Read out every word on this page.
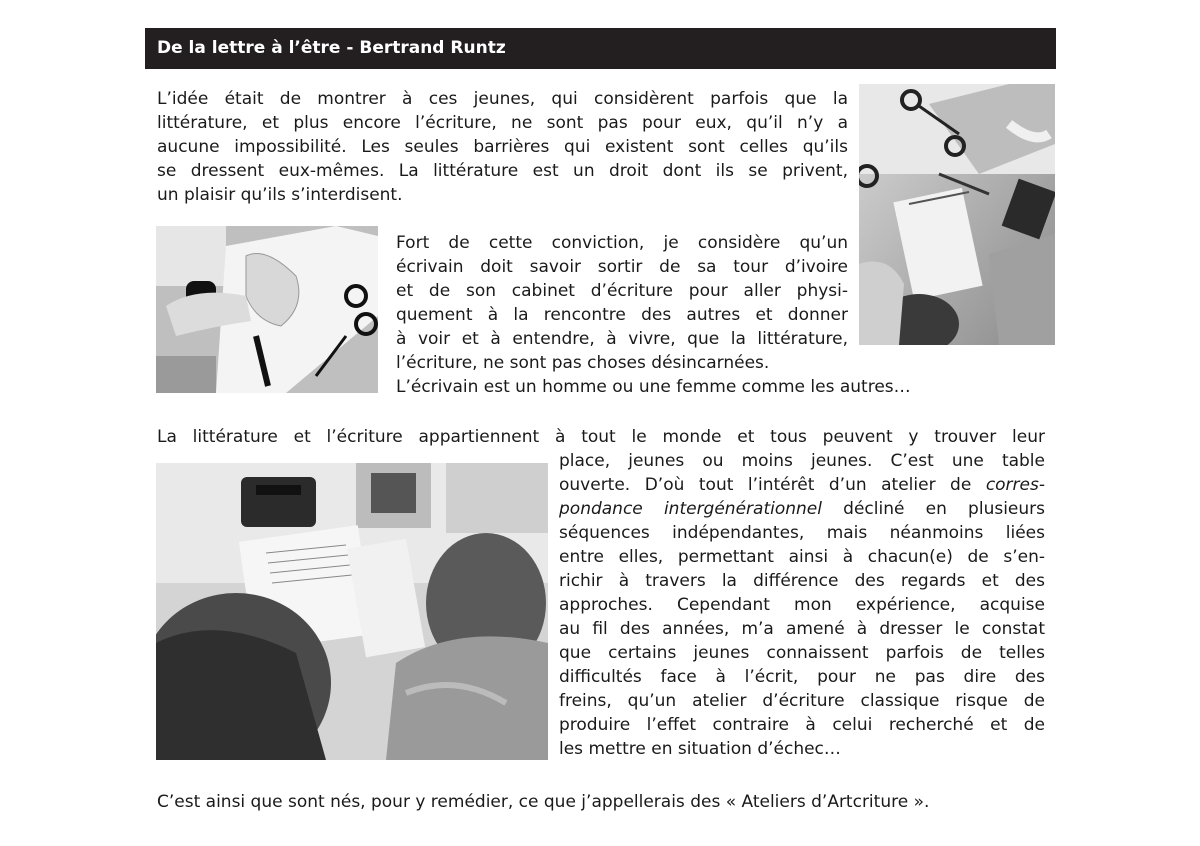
De la lettre à l’être - Bertrand Runtz
L’idée était de montrer à ces jeunes, qui considèrent parfois que la
littérature, et plus encore l’écriture, ne sont pas pour eux, qu’il n’y a
aucune impossibilité. Les seules barrières qui existent sont celles qu’ils
se dressent eux-mêmes. La littérature est un droit dont ils se privent,
un plaisir qu’ils s’interdisent.
Fort de cette conviction, je considère qu’un
écrivain doit savoir sortir de sa tour d’ivoire
et de son cabinet d’écriture pour aller physi-
quement à la rencontre des autres et donner
à voir et à entendre, à vivre, que la littérature,
l’écriture, ne sont pas choses désincarnées.
L’écrivain est un homme ou une femme comme les autres…
La littérature et l’écriture appartiennent à tout le monde et tous peuvent y trouver leur
place, jeunes ou moins jeunes. C’est une table
ouverte. D’où tout l’intérêt d’un atelier de corres-
pondance intergénérationnel décliné en plusieurs
séquences indépendantes, mais néanmoins liées
entre elles, permettant ainsi à chacun(e) de s’en-
richir à travers la différence des regards et des
approches. Cependant mon expérience, acquise
au fil des années, m’a amené à dresser le constat
que certains jeunes connaissent parfois de telles
difficultés face à l’écrit, pour ne pas dire des
freins, qu’un atelier d’écriture classique risque de
produire l’effet contraire à celui recherché et de
les mettre en situation d’échec…
C’est ainsi que sont nés, pour y remédier, ce que j’appellerais des « Ateliers d’Artcriture ».
